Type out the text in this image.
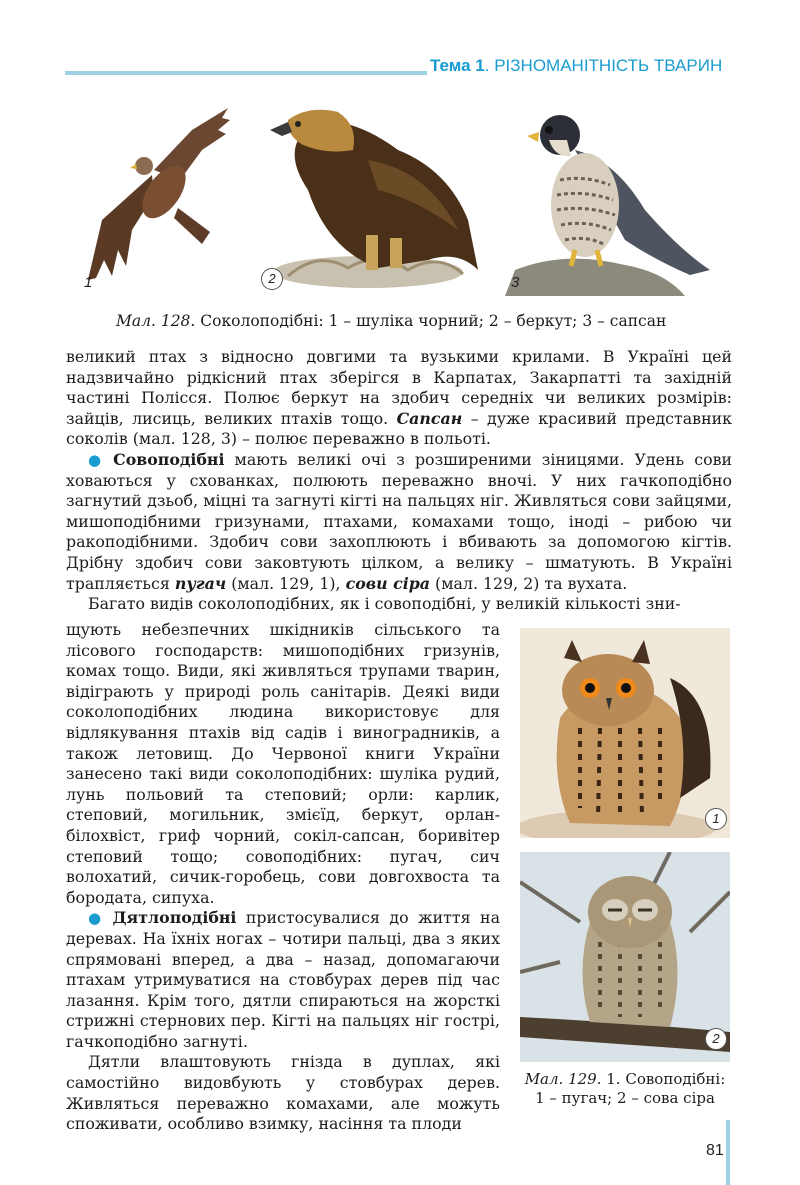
Тема 1. РІЗНОМАНІТНІСТЬ ТВАРИН
1	2	3
Мал. 128. Соколоподібні: 1 – шуліка чорний; 2 – беркут; 3 – сапсан

великий птах з відносно довгими та вузькими крилами. В Україні цей надзвичайно рідкісний птах зберігся в Карпатах, Закарпатті та західній частині Полісся. Полює беркут на здобич середніх чи великих розмірів: зайців, лисиць, великих птахів тощо. Сапсан – дуже красивий представник соколів (мал. 128, 3) – полює переважно в польоті.

● Совоподібні мають великі очі з розширеними зіницями. Удень сови ховаються у схованках, полюють переважно вночі. У них гачкоподібно загнутий дзьоб, міцні та загнуті кігті на пальцях ніг. Живляться сови зайцями, мишоподібними гризунами, птахами, комахами тощо, іноді – рибою чи ракоподібними. Здобич сови захоплюють і вбивають за допомогою кігтів. Дрібну здобич сови заковтують цілком, а велику – шматують. В Україні трапляється пугач (мал. 129, 1), сови сіра (мал. 129, 2) та вухата.

Багато видів соколоподібних, як і совоподібні, у великій кількості зни-

щують небезпечних шкідників сільського та лісового господарств: мишоподібних гризунів, комах тощо. Види, які живляться трупами тварин, відіграють у природі роль санітарів. Деякі види соколоподібних людина використовує для відлякування птахів від садів і виноградників, а також летовищ. До Червоної книги України занесено такі види соколоподібних: шуліка рудий, лунь польовий та степовий; орли: карлик, степовий, могильник, змієїд, беркут, орлан-білохвіст, гриф чорний, сокіл-сапсан, боривітер степовий тощо; совоподібних: пугач, сич волохатий, сичик-горобець, сови довгохвоста та бородата, сипуха.

● Дятлоподібні пристосувалися до життя на деревах. На їхніх ногах – чотири пальці, два з яких спрямовані вперед, а два – назад, допомагаючи птахам утримуватися на стовбурах дерев під час лазання. Крім того, дятли спираються на жорсткі стрижні стернових пер. Кігті на пальцях ніг гострі, гачкоподібно загнуті.

Дятли влаштовують гнізда в дуплах, які самостійно видовбують у стовбурах дерев. Живляться переважно комахами, але можуть споживати, особливо взимку, насіння та плоди

1
2
Мал. 129. 1. Совоподібні:
1 – пугач; 2 – сова сіра
81
